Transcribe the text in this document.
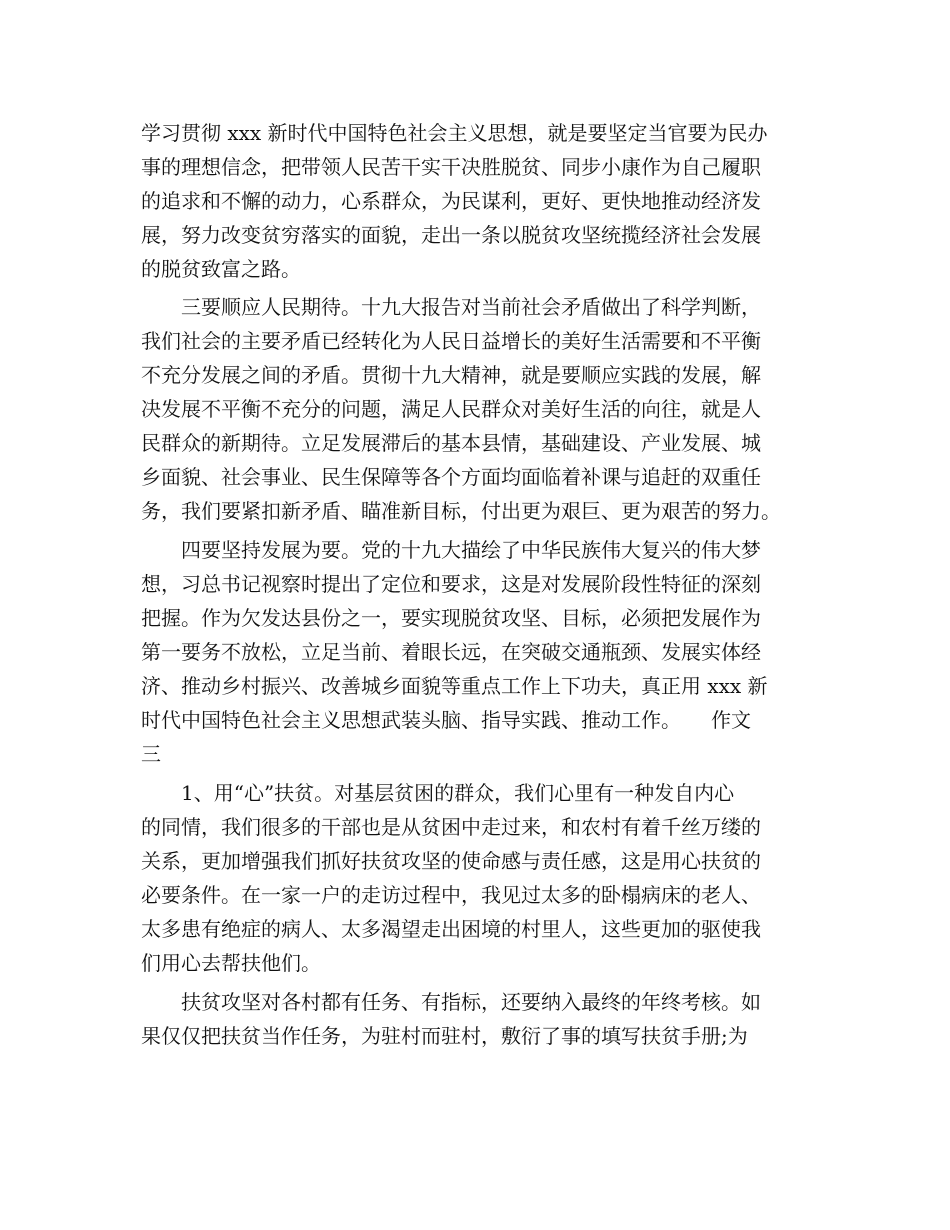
学习贯彻 xxx 新时代中国特色社会主义思想，就是要坚定当官要为民办
事的理想信念，把带领人民苦干实干决胜脱贫、同步小康作为自己履职
的追求和不懈的动力，心系群众，为民谋利，更好、更快地推动经济发
展，努力改变贫穷落实的面貌，走出一条以脱贫攻坚统揽经济社会发展
的脱贫致富之路。
三要顺应人民期待。十九大报告对当前社会矛盾做出了科学判断，
我们社会的主要矛盾已经转化为人民日益增长的美好生活需要和不平衡
不充分发展之间的矛盾。贯彻十九大精神，就是要顺应实践的发展，解
决发展不平衡不充分的问题，满足人民群众对美好生活的向往，就是人
民群众的新期待。立足发展滞后的基本县情，基础建设、产业发展、城
乡面貌、社会事业、民生保障等各个方面均面临着补课与追赶的双重任
务，我们要紧扣新矛盾、瞄准新目标，付出更为艰巨、更为艰苦的努力。
四要坚持发展为要。党的十九大描绘了中华民族伟大复兴的伟大梦
想，习总书记视察时提出了定位和要求，这是对发展阶段性特征的深刻
把握。作为欠发达县份之一，要实现脱贫攻坚、目标，必须把发展作为
第一要务不放松，立足当前、着眼长远，在突破交通瓶颈、发展实体经
济、推动乡村振兴、改善城乡面貌等重点工作上下功夫，真正用 xxx 新
时代中国特色社会主义思想武装头脑、指导实践、推动工作。　　作文
三
1、用“心”扶贫。对基层贫困的群众，我们心里有一种发自内心
的同情，我们很多的干部也是从贫困中走过来，和农村有着千丝万缕的
关系，更加增强我们抓好扶贫攻坚的使命感与责任感，这是用心扶贫的
必要条件。在一家一户的走访过程中，我见过太多的卧榻病床的老人、
太多患有绝症的病人、太多渴望走出困境的村里人，这些更加的驱使我
们用心去帮扶他们。
扶贫攻坚对各村都有任务、有指标，还要纳入最终的年终考核。如
果仅仅把扶贫当作任务，为驻村而驻村，敷衍了事的填写扶贫手册;为
